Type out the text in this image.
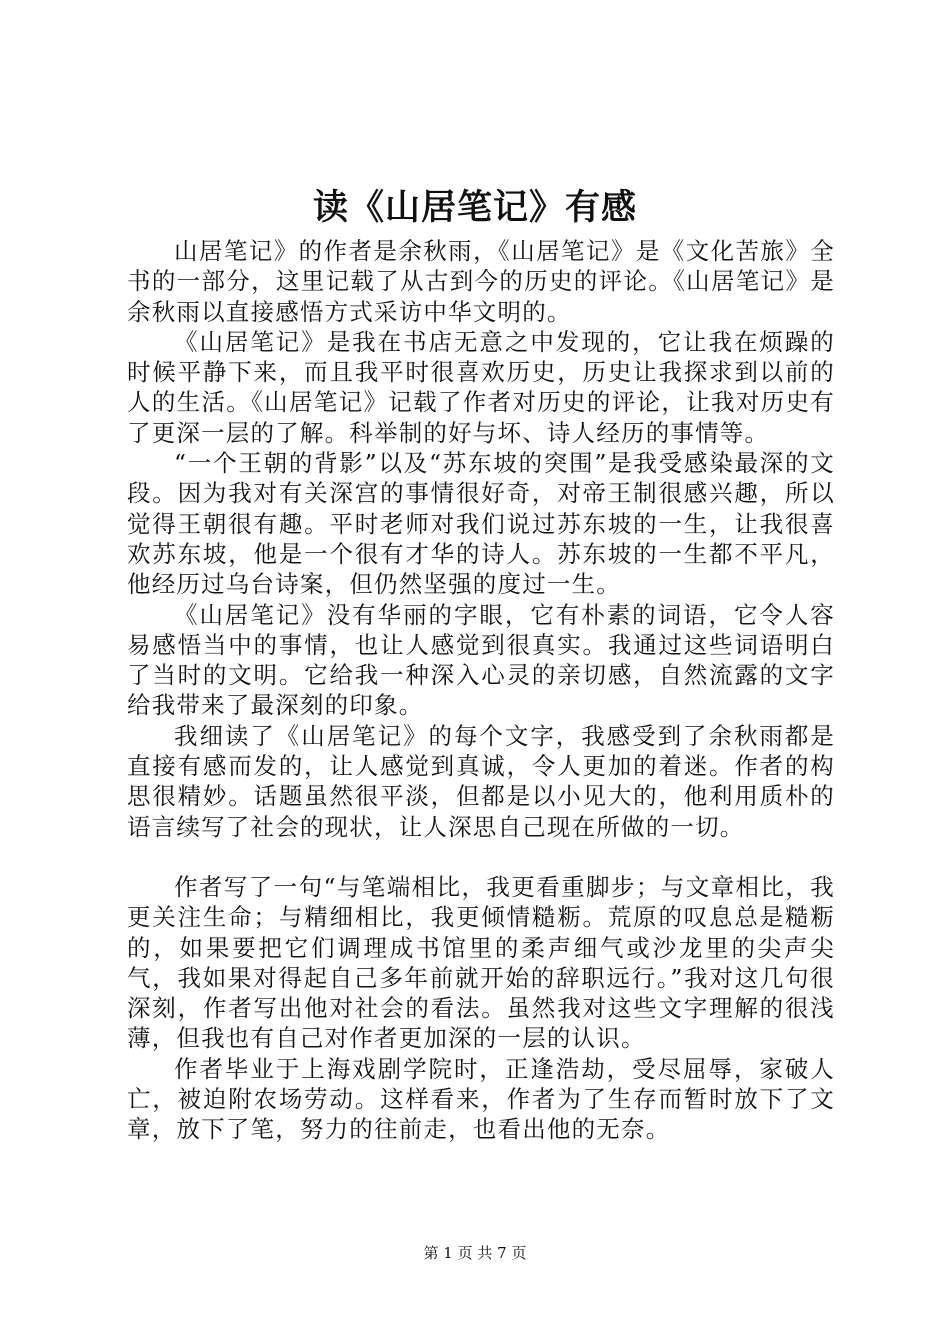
读《山居笔记》有感

山居笔记》的作者是余秋雨，《山居笔记》是《文化苦旅》全书的一部分，这里记载了从古到今的历史的评论。《山居笔记》是余秋雨以直接感悟方式采访中华文明的。

《山居笔记》是我在书店无意之中发现的，它让我在烦躁的时候平静下来，而且我平时很喜欢历史，历史让我探求到以前的人的生活。《山居笔记》记载了作者对历史的评论，让我对历史有了更深一层的了解。科举制的好与坏、诗人经历的事情等。

“一个王朝的背影”以及“苏东坡的突围”是我受感染最深的文段。因为我对有关深宫的事情很好奇，对帝王制很感兴趣，所以觉得王朝很有趣。平时老师对我们说过苏东坡的一生，让我很喜欢苏东坡，他是一个很有才华的诗人。苏东坡的一生都不平凡，他经历过乌台诗案，但仍然坚强的度过一生。

《山居笔记》没有华丽的字眼，它有朴素的词语，它令人容易感悟当中的事情，也让人感觉到很真实。我通过这些词语明白了当时的文明。它给我一种深入心灵的亲切感，自然流露的文字给我带来了最深刻的印象。

我细读了《山居笔记》的每个文字，我感受到了余秋雨都是直接有感而发的，让人感觉到真诚，令人更加的着迷。作者的构思很精妙。话题虽然很平淡，但都是以小见大的，他利用质朴的语言续写了社会的现状，让人深思自己现在所做的一切。

作者写了一句“与笔端相比，我更看重脚步；与文章相比，我更关注生命；与精细相比，我更倾情糙粝。荒原的叹息总是糙粝的，如果要把它们调理成书馆里的柔声细气或沙龙里的尖声尖气，我如果对得起自己多年前就开始的辞职远行。”我对这几句很深刻，作者写出他对社会的看法。虽然我对这些文字理解的很浅薄，但我也有自己对作者更加深的一层的认识。

作者毕业于上海戏剧学院时，正逢浩劫，受尽屈辱，家破人亡，被迫附农场劳动。这样看来，作者为了生存而暂时放下了文章，放下了笔，努力的往前走，也看出他的无奈。

第 1 页 共 7 页
